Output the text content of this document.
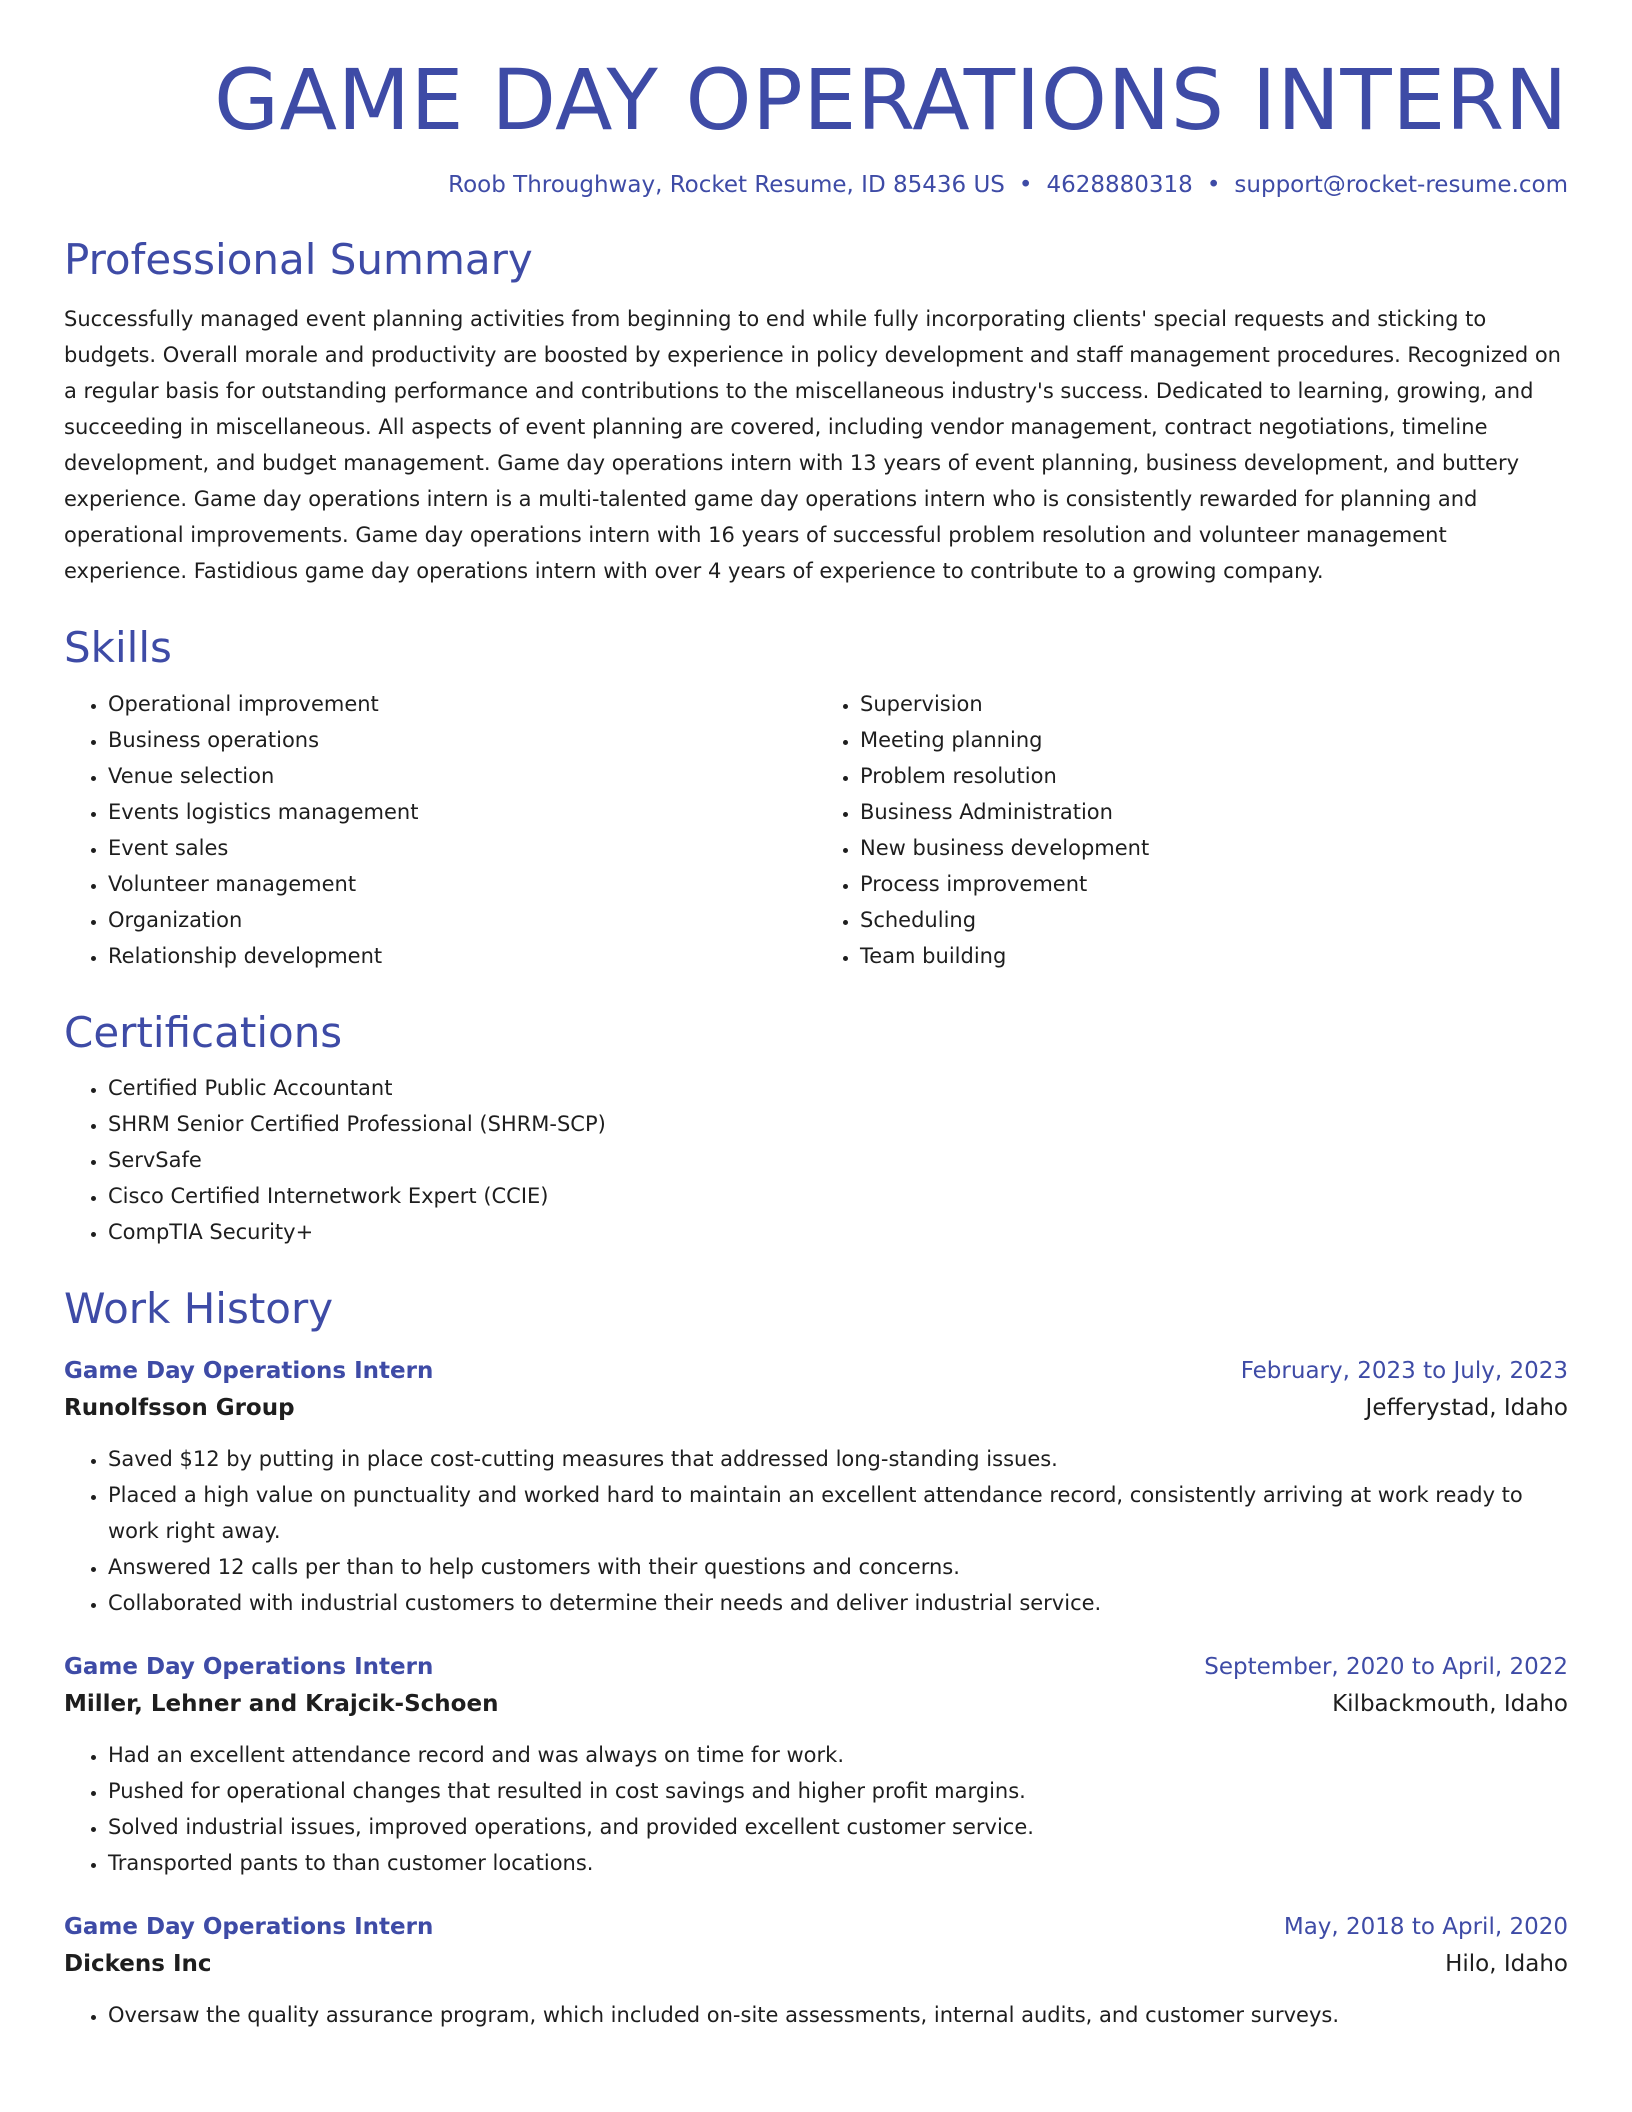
GAME DAY OPERATIONS INTERN
Roob Throughway, Rocket Resume, ID 85436 US • 4628880318 • support@rocket-resume.com
Professional Summary
Successfully managed event planning activities from beginning to end while fully incorporating clients' special requests and sticking to budgets. Overall morale and productivity are boosted by experience in policy development and staff management procedures. Recognized on a regular basis for outstanding performance and contributions to the miscellaneous industry's success. Dedicated to learning, growing, and succeeding in miscellaneous. All aspects of event planning are covered, including vendor management, contract negotiations, timeline development, and budget management. Game day operations intern with 13 years of event planning, business development, and buttery experience. Game day operations intern is a multi-talented game day operations intern who is consistently rewarded for planning and operational improvements. Game day operations intern with 16 years of successful problem resolution and volunteer management experience. Fastidious game day operations intern with over 4 years of experience to contribute to a growing company.
Skills
• Operational improvement
• Business operations
• Venue selection
• Events logistics management
• Event sales
• Volunteer management
• Organization
• Relationship development
• Supervision
• Meeting planning
• Problem resolution
• Business Administration
• New business development
• Process improvement
• Scheduling
• Team building
Certifications
• Certified Public Accountant
• SHRM Senior Certified Professional (SHRM-SCP)
• ServSafe
• Cisco Certified Internetwork Expert (CCIE)
• CompTIA Security+
Work History
Game Day Operations Intern	February, 2023 to July, 2023
Runolfsson Group	Jefferystad, Idaho
• Saved $12 by putting in place cost-cutting measures that addressed long-standing issues.
• Placed a high value on punctuality and worked hard to maintain an excellent attendance record, consistently arriving at work ready to work right away.
• Answered 12 calls per than to help customers with their questions and concerns.
• Collaborated with industrial customers to determine their needs and deliver industrial service.
Game Day Operations Intern	September, 2020 to April, 2022
Miller, Lehner and Krajcik-Schoen	Kilbackmouth, Idaho
• Had an excellent attendance record and was always on time for work.
• Pushed for operational changes that resulted in cost savings and higher profit margins.
• Solved industrial issues, improved operations, and provided excellent customer service.
• Transported pants to than customer locations.
Game Day Operations Intern	May, 2018 to April, 2020
Dickens Inc	Hilo, Idaho
• Oversaw the quality assurance program, which included on-site assessments, internal audits, and customer surveys.
